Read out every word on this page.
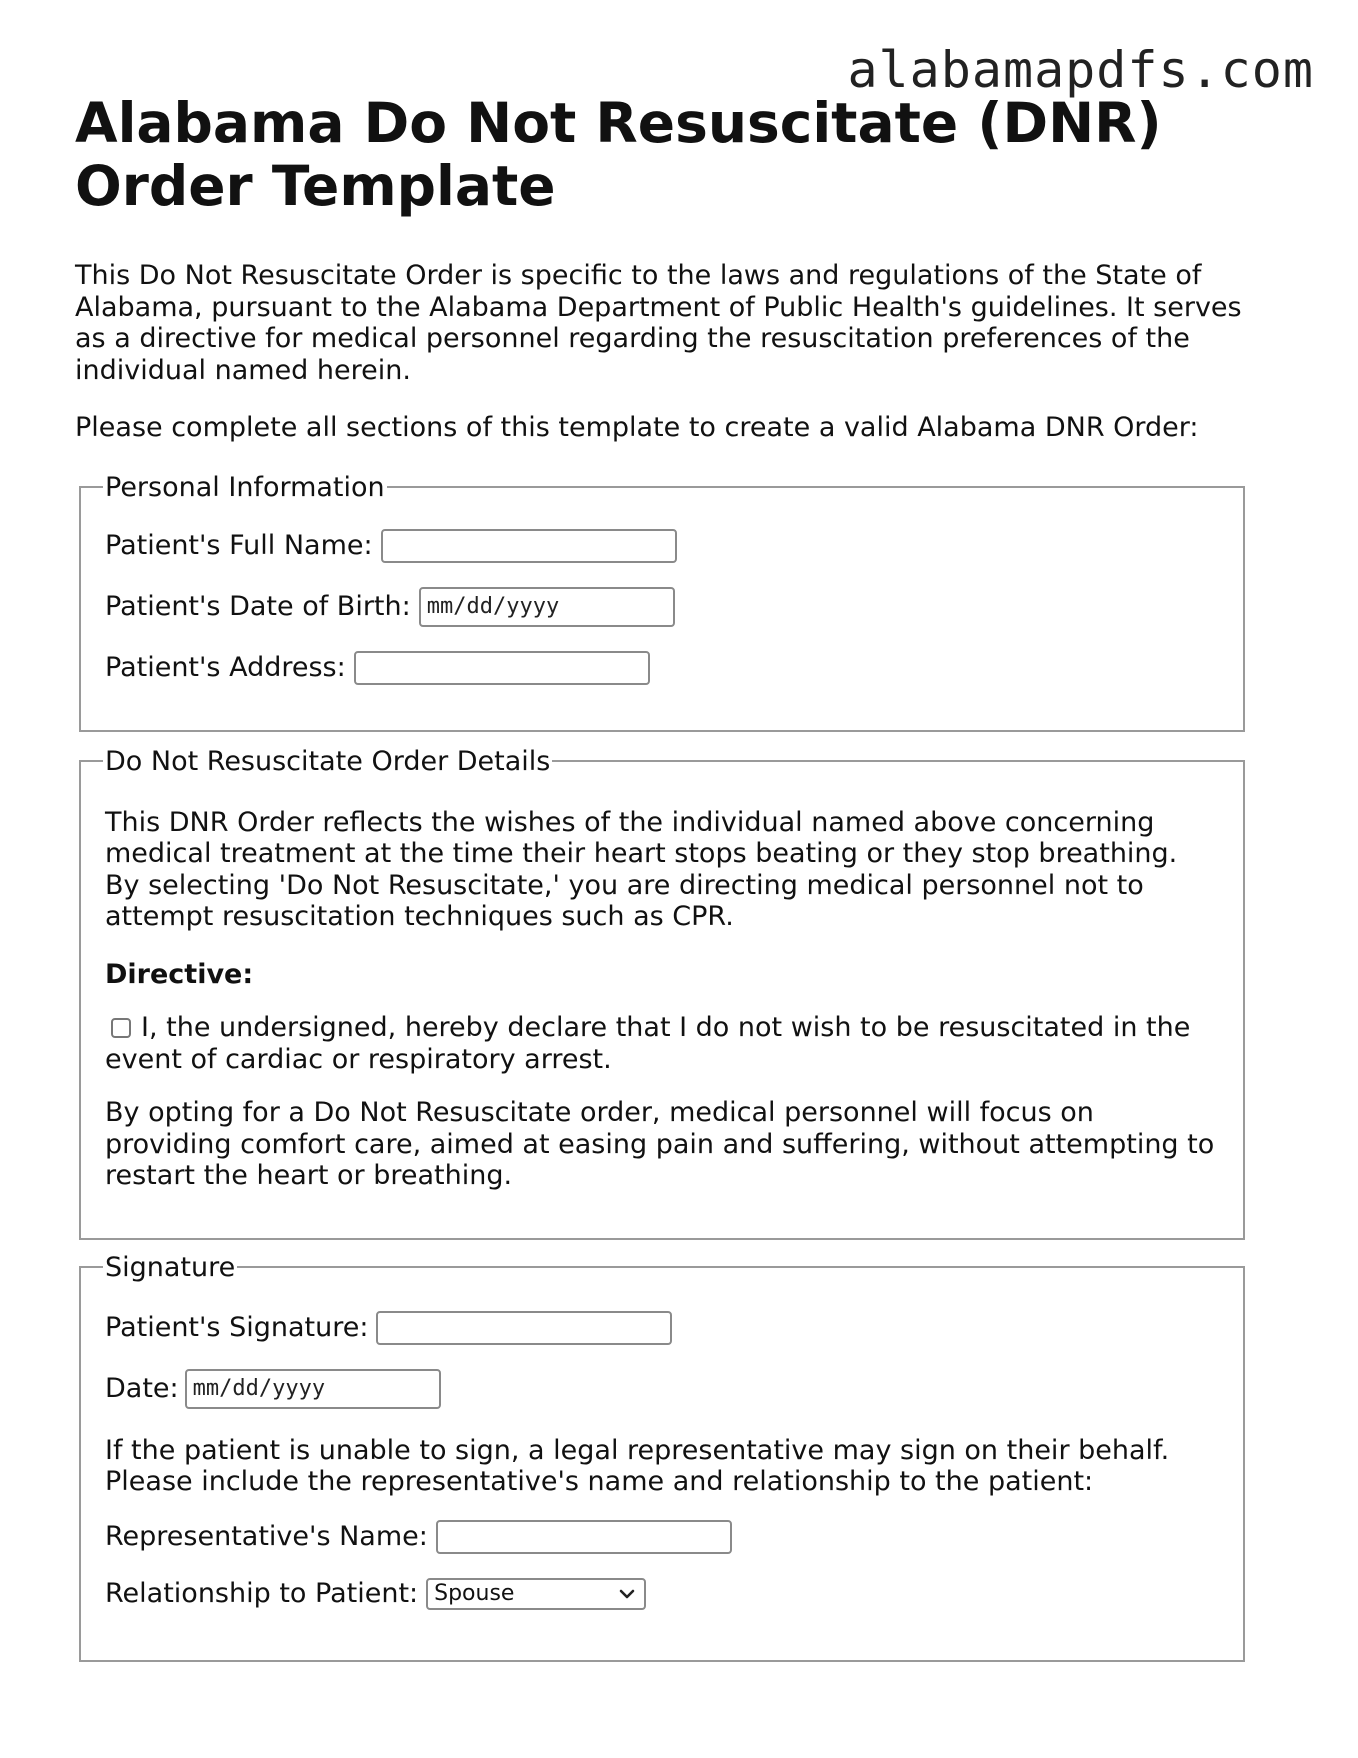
alabamapdfs.com
Alabama Do Not Resuscitate (DNR) Order Template

This Do Not Resuscitate Order is specific to the laws and regulations of the State of Alabama, pursuant to the Alabama Department of Public Health's guidelines. It serves as a directive for medical personnel regarding the resuscitation preferences of the individual named herein.

Please complete all sections of this template to create a valid Alabama DNR Order:

Personal Information
Patient's Full Name:
Patient's Date of Birth: mm/dd/yyyy
Patient's Address:
Do Not Resuscitate Order Details

This DNR Order reflects the wishes of the individual named above concerning medical treatment at the time their heart stops beating or they stop breathing. By selecting 'Do Not Resuscitate,' you are directing medical personnel not to attempt resuscitation techniques such as CPR.

Directive:

I, the undersigned, hereby declare that I do not wish to be resuscitated in the event of cardiac or respiratory arrest.

By opting for a Do Not Resuscitate order, medical personnel will focus on providing comfort care, aimed at easing pain and suffering, without attempting to restart the heart or breathing.

Signature
Patient's Signature:
Date: mm/dd/yyyy

If the patient is unable to sign, a legal representative may sign on their behalf. Please include the representative's name and relationship to the patient:

Representative's Name:
Relationship to Patient: Spouse
